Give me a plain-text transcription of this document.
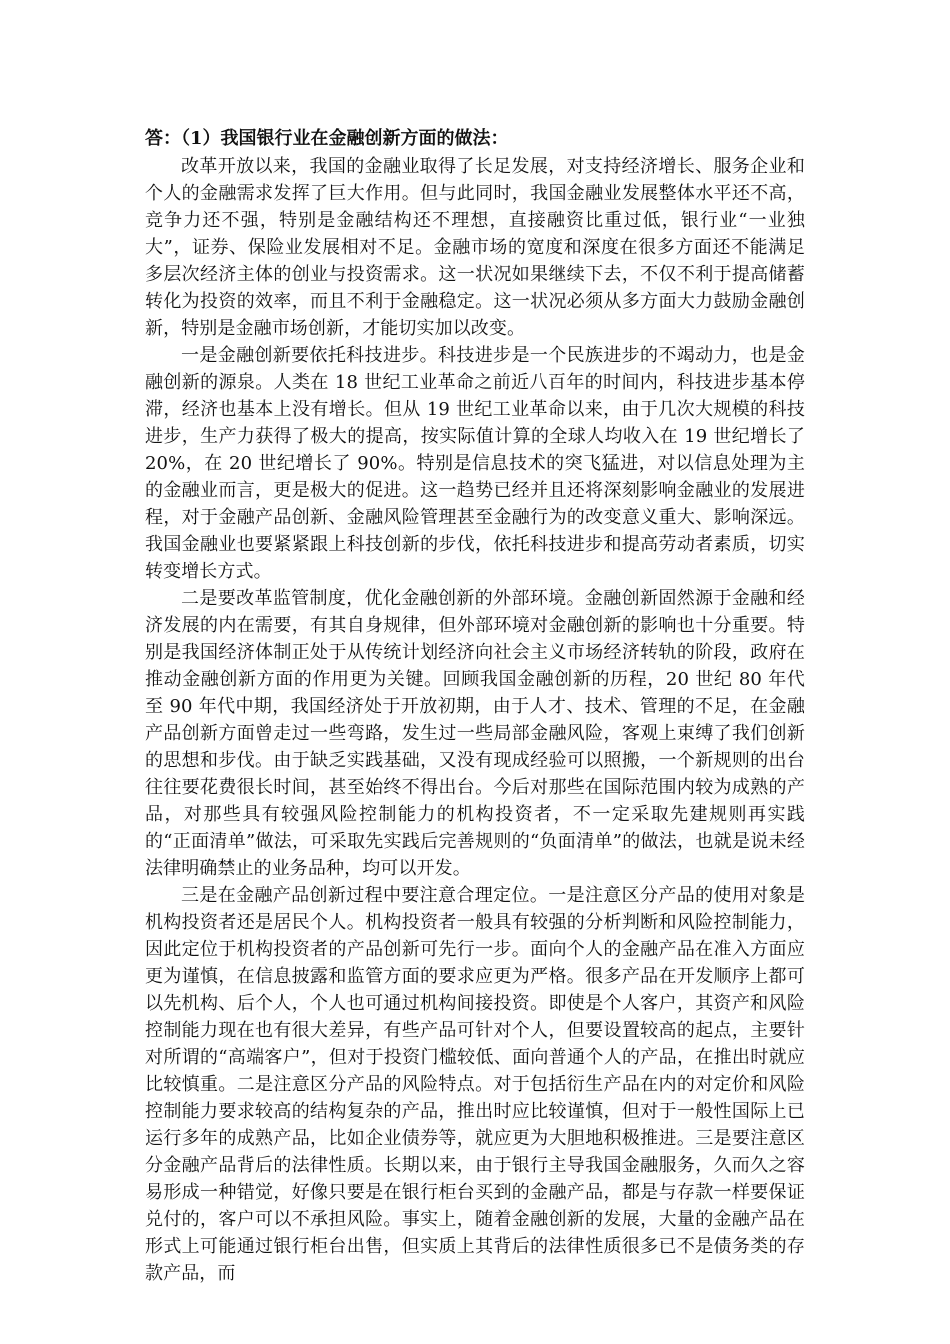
答：（1）我国银行业在金融创新方面的做法：

改革开放以来，我国的金融业取得了长足发展，对支持经济增长、服务企业和个人的金融需求发挥了巨大作用。但与此同时，我国金融业发展整体水平还不高，竞争力还不强，特别是金融结构还不理想，直接融资比重过低，银行业“一业独大”，证券、保险业发展相对不足。金融市场的宽度和深度在很多方面还不能满足多层次经济主体的创业与投资需求。这一状况如果继续下去，不仅不利于提高储蓄转化为投资的效率，而且不利于金融稳定。这一状况必须从多方面大力鼓励金融创新，特别是金融市场创新，才能切实加以改变。

一是金融创新要依托科技进步。科技进步是一个民族进步的不竭动力，也是金融创新的源泉。人类在 18 世纪工业革命之前近八百年的时间内，科技进步基本停滞，经济也基本上没有增长。但从 19 世纪工业革命以来，由于几次大规模的科技进步，生产力获得了极大的提高，按实际值计算的全球人均收入在 19 世纪增长了 20%，在 20 世纪增长了 90%。特别是信息技术的突飞猛进，对以信息处理为主的金融业而言，更是极大的促进。这一趋势已经并且还将深刻影响金融业的发展进程，对于金融产品创新、金融风险管理甚至金融行为的改变意义重大、影响深远。我国金融业也要紧紧跟上科技创新的步伐，依托科技进步和提高劳动者素质，切实转变增长方式。

二是要改革监管制度，优化金融创新的外部环境。金融创新固然源于金融和经济发展的内在需要，有其自身规律，但外部环境对金融创新的影响也十分重要。特别是我国经济体制正处于从传统计划经济向社会主义市场经济转轨的阶段，政府在推动金融创新方面的作用更为关键。回顾我国金融创新的历程，20 世纪 80 年代至 90 年代中期，我国经济处于开放初期，由于人才、技术、管理的不足，在金融产品创新方面曾走过一些弯路，发生过一些局部金融风险，客观上束缚了我们创新的思想和步伐。由于缺乏实践基础，又没有现成经验可以照搬，一个新规则的出台往往要花费很长时间，甚至始终不得出台。今后对那些在国际范围内较为成熟的产品，对那些具有较强风险控制能力的机构投资者，不一定采取先建规则再实践的“正面清单”做法，可采取先实践后完善规则的“负面清单”的做法，也就是说未经法律明确禁止的业务品种，均可以开发。

三是在金融产品创新过程中要注意合理定位。一是注意区分产品的使用对象是机构投资者还是居民个人。机构投资者一般具有较强的分析判断和风险控制能力，因此定位于机构投资者的产品创新可先行一步。面向个人的金融产品在准入方面应更为谨慎，在信息披露和监管方面的要求应更为严格。很多产品在开发顺序上都可以先机构、后个人，个人也可通过机构间接投资。即使是个人客户，其资产和风险控制能力现在也有很大差异，有些产品可针对个人，但要设置较高的起点，主要针对所谓的“高端客户”，但对于投资门槛较低、面向普通个人的产品，在推出时就应比较慎重。二是注意区分产品的风险特点。对于包括衍生产品在内的对定价和风险控制能力要求较高的结构复杂的产品，推出时应比较谨慎，但对于一般性国际上已运行多年的成熟产品，比如企业债券等，就应更为大胆地积极推进。三是要注意区分金融产品背后的法律性质。长期以来，由于银行主导我国金融服务，久而久之容易形成一种错觉，好像只要是在银行柜台买到的金融产品，都是与存款一样要保证兑付的，客户可以不承担风险。事实上，随着金融创新的发展，大量的金融产品在形式上可能通过银行柜台出售，但实质上其背后的法律性质很多已不是债务类的存款产品，而
